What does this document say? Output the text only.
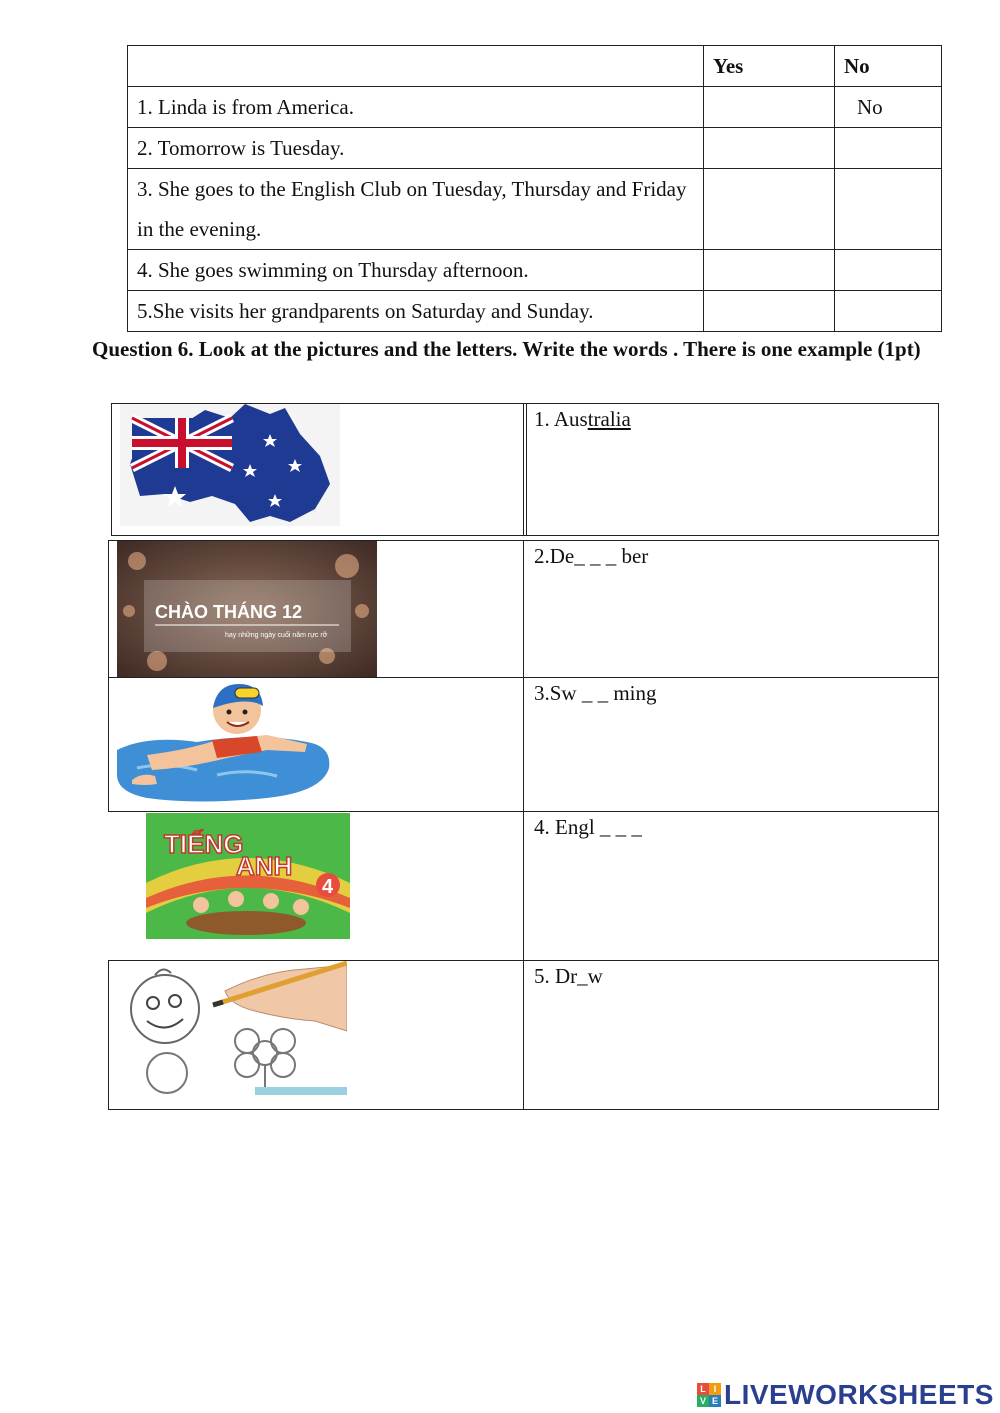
	Yes	No
1. Linda is from America.		No
2. Tomorrow is Tuesday.		
3. She goes to the English Club on Tuesday, Thursday and Friday in the evening.		
4. She goes swimming on Thursday afternoon.		
5.She visits her grandparents on Saturday and Sunday.		
Question 6. Look at the pictures and the letters. Write the words . There is one example (1pt)
1. Australia
CHÀO THÁNG 12
hay những ngày cuối năm rực rỡ
2.De_ _ _ ber
3.Sw _ _ ming
TIẾNG
ANH
4
4. Engl _ _ _
5. Dr_w
L I
V E LIVEWORKSHEETS
